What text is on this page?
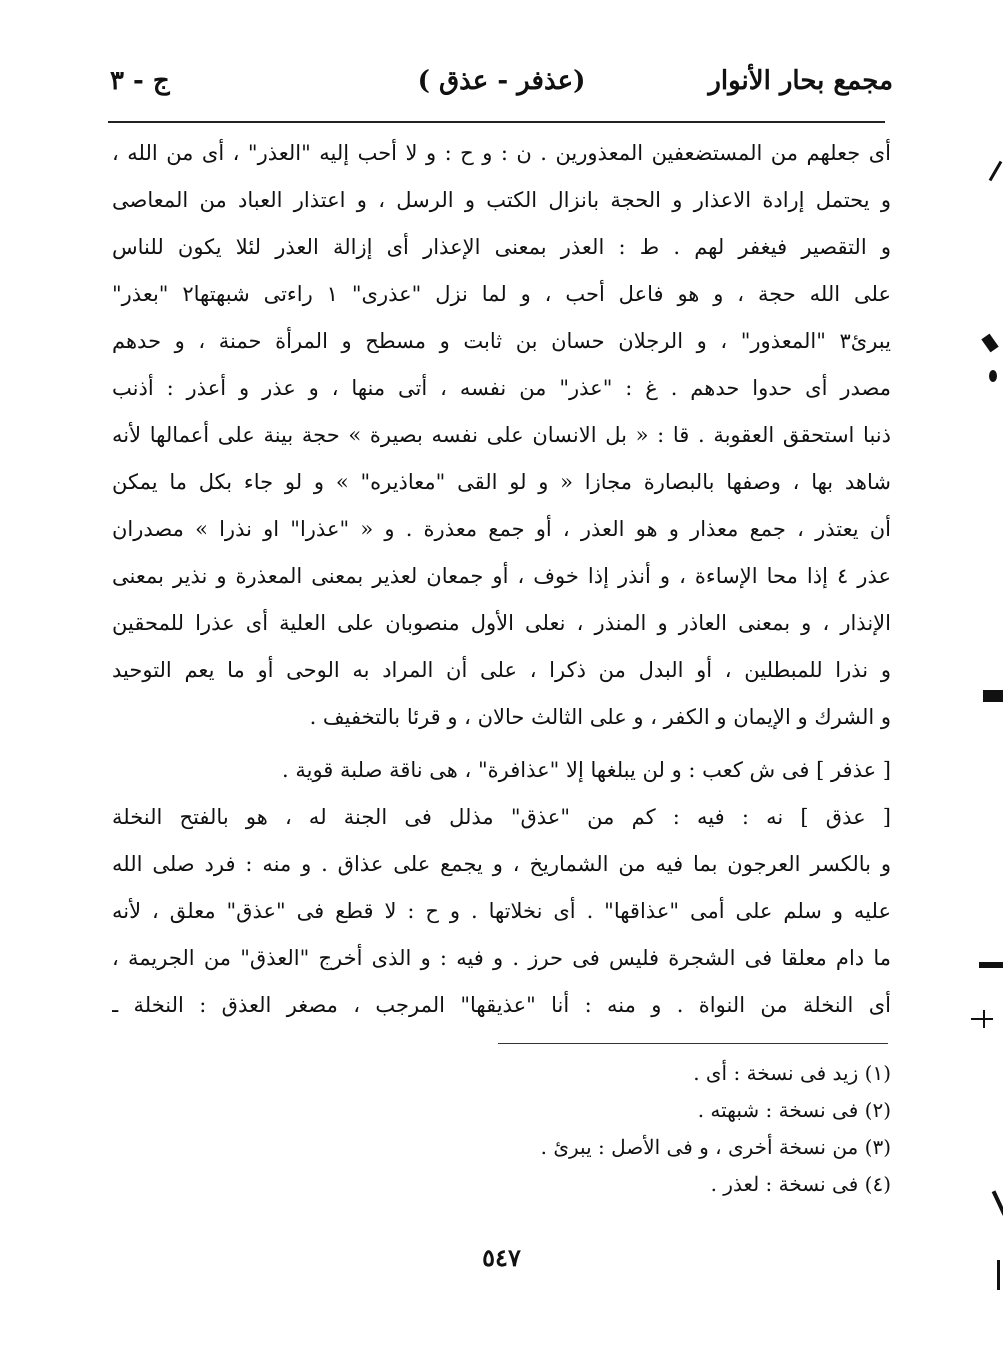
مجمع بحار الأنوار
(عذفر - عذق )
ج - ٣
أى جعلهم من المستضعفين المعذورين . ن : و ح : و لا أحب إليه "العذر" ، أى من الله ،
و يحتمل إرادة الاعذار و الحجة بانزال الكتب و الرسل ، و اعتذار العباد من المعاصى
و التقصير فيغفر لهم . ط : العذر بمعنى الإعذار أى إزالة العذر لئلا يكون للناس
على الله حجة ، و هو فاعل أحب ، و لما نزل "عذرى" ١ راءتى شبهتها٢ "بعذر"
يبرئ٣ "المعذور" ، و الرجلان حسان بن ثابت و مسطح و المرأة حمنة ، و حدهم
مصدر أى حدوا حدهم . غ : "عذر" من نفسه ، أتى منها ، و عذر و أعذر : أذنب
ذنبا استحقق العقوبة . قا : « بل الانسان على نفسه بصيرة » حجة بينة على أعمالها لأنه
شاهد بها ، وصفها بالبصارة مجازا « و لو القى "معاذيره" » و لو جاء بكل ما يمكن
أن يعتذر ، جمع معذار و هو العذر ، أو جمع معذرة . و « "عذرا" او نذرا » مصدران
عذر ٤ إذا محا الإساءة ، و أنذر إذا خوف ، أو جمعان لعذير بمعنى المعذرة و نذير بمعنى
الإنذار ، و بمعنى العاذر و المنذر ، نعلى الأول منصوبان على العلية أى عذرا للمحقين
و نذرا للمبطلين ، أو البدل من ذكرا ، على أن المراد به الوحى أو ما يعم التوحيد
و الشرك و الإيمان و الكفر ، و على الثالث حالان ، و قرئا بالتخفيف .
[ عذفر ] فى ش كعب : و لن يبلغها إلا "عذافرة" ، هى ناقة صلبة قوية .
[ عذق ] نه : فيه : كم من "عذق" مذلل فى الجنة له ، هو بالفتح النخلة
و بالكسر العرجون بما فيه من الشماريخ ، و يجمع على عذاق . و منه : فرد صلى الله
عليه و سلم على أمى "عذاقها" . أى نخلاتها . و ح : لا قطع فى "عذق" معلق ، لأنه
ما دام معلقا فى الشجرة فليس فى حرز . و فيه : و الذى أخرج "العذق" من الجريمة ،
أى النخلة من النواة . و منه : أنا "عذيقها" المرجب ، مصغر العذق : النخلة ـ
(١) زيد فى نسخة : أى .
(٢) فى نسخة : شبهته .
(٣) من نسخة أخرى ، و فى الأصل : يبرئ .
(٤) فى نسخة : لعذر .
٥٤٧
